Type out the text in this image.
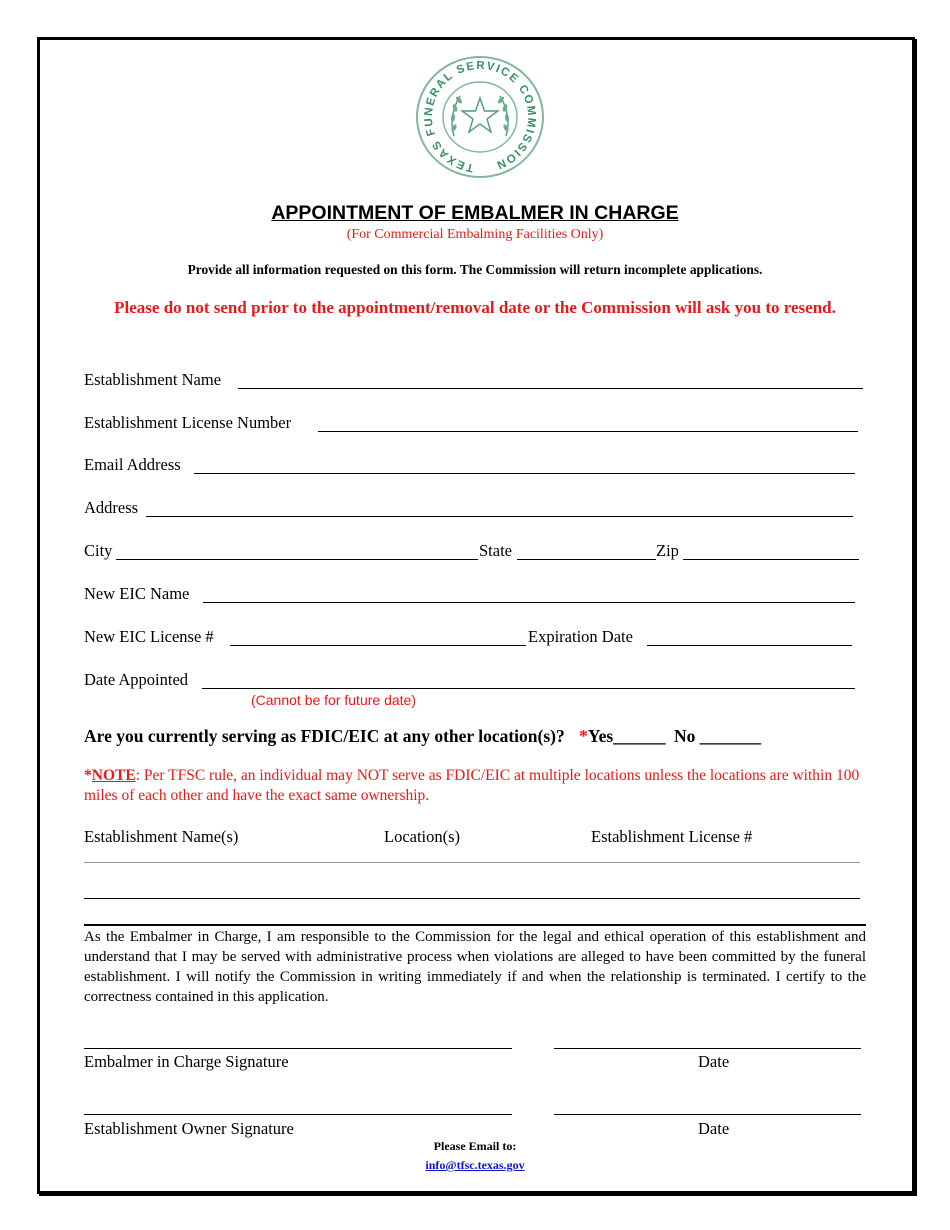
TEXAS FUNERAL SERVICE COMMISSION
APPOINTMENT OF EMBALMER IN CHARGE
(For Commercial Embalming Facilities Only)
Provide all information requested on this form. The Commission will return incomplete applications.
Please do not send prior to the appointment/removal date or the Commission will ask you to resend.
Establishment Name
Establishment License Number
Email Address
Address
City	State	Zip
New EIC Name
New EIC License #	Expiration Date
Date Appointed
(Cannot be for future date)
Are you currently serving as FDIC/EIC at any other location(s)? *Yes______ No _______
*NOTE: Per TFSC rule, an individual may NOT serve as FDIC/EIC at multiple locations unless the locations are within 100 miles of each other and have the exact same ownership.
Establishment Name(s)	Location(s)	Establishment License #
As the Embalmer in Charge, I am responsible to the Commission for the legal and ethical operation of this establishment and understand that I may be served with administrative process when violations are alleged to have been committed by the funeral establishment. I will notify the Commission in writing immediately if and when the relationship is terminated. I certify to the correctness contained in this application.
Embalmer in Charge Signature	Date
Establishment Owner Signature	Date
Please Email to:
info@tfsc.texas.gov
